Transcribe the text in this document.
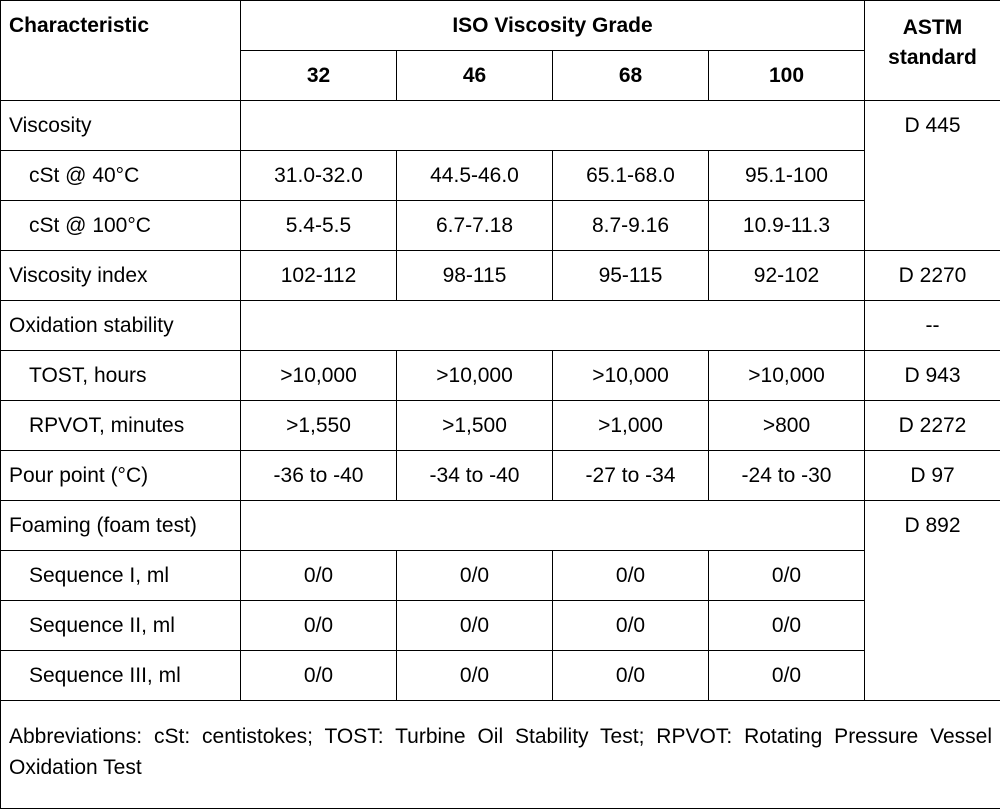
Characteristic	ISO Viscosity Grade				ASTM
standard
	32	46	68	100	
Viscosity					D 445
cSt @ 40°C	31.0-32.0	44.5-46.0	65.1-68.0	95.1-100	
cSt @ 100°C	5.4-5.5	6.7-7.18	8.7-9.16	10.9-11.3	
Viscosity index	102-112	98-115	95-115	92-102	D 2270
Oxidation stability					--
TOST, hours	>10,000	>10,000	>10,000	>10,000	D 943
RPVOT, minutes	>1,550	>1,500	>1,000	>800	D 2272
Pour point (°C)	-36 to -40	-34 to -40	-27 to -34	-24 to -30	D 97
Foaming (foam test)					D 892
Sequence I, ml	0/0	0/0	0/0	0/0	
Sequence II, ml	0/0	0/0	0/0	0/0	
Sequence III, ml	0/0	0/0	0/0	0/0	
Abbreviations: cSt: centistokes; TOST: Turbine Oil Stability Test; RPVOT: Rotating Pressure Vessel Oxidation Test					
